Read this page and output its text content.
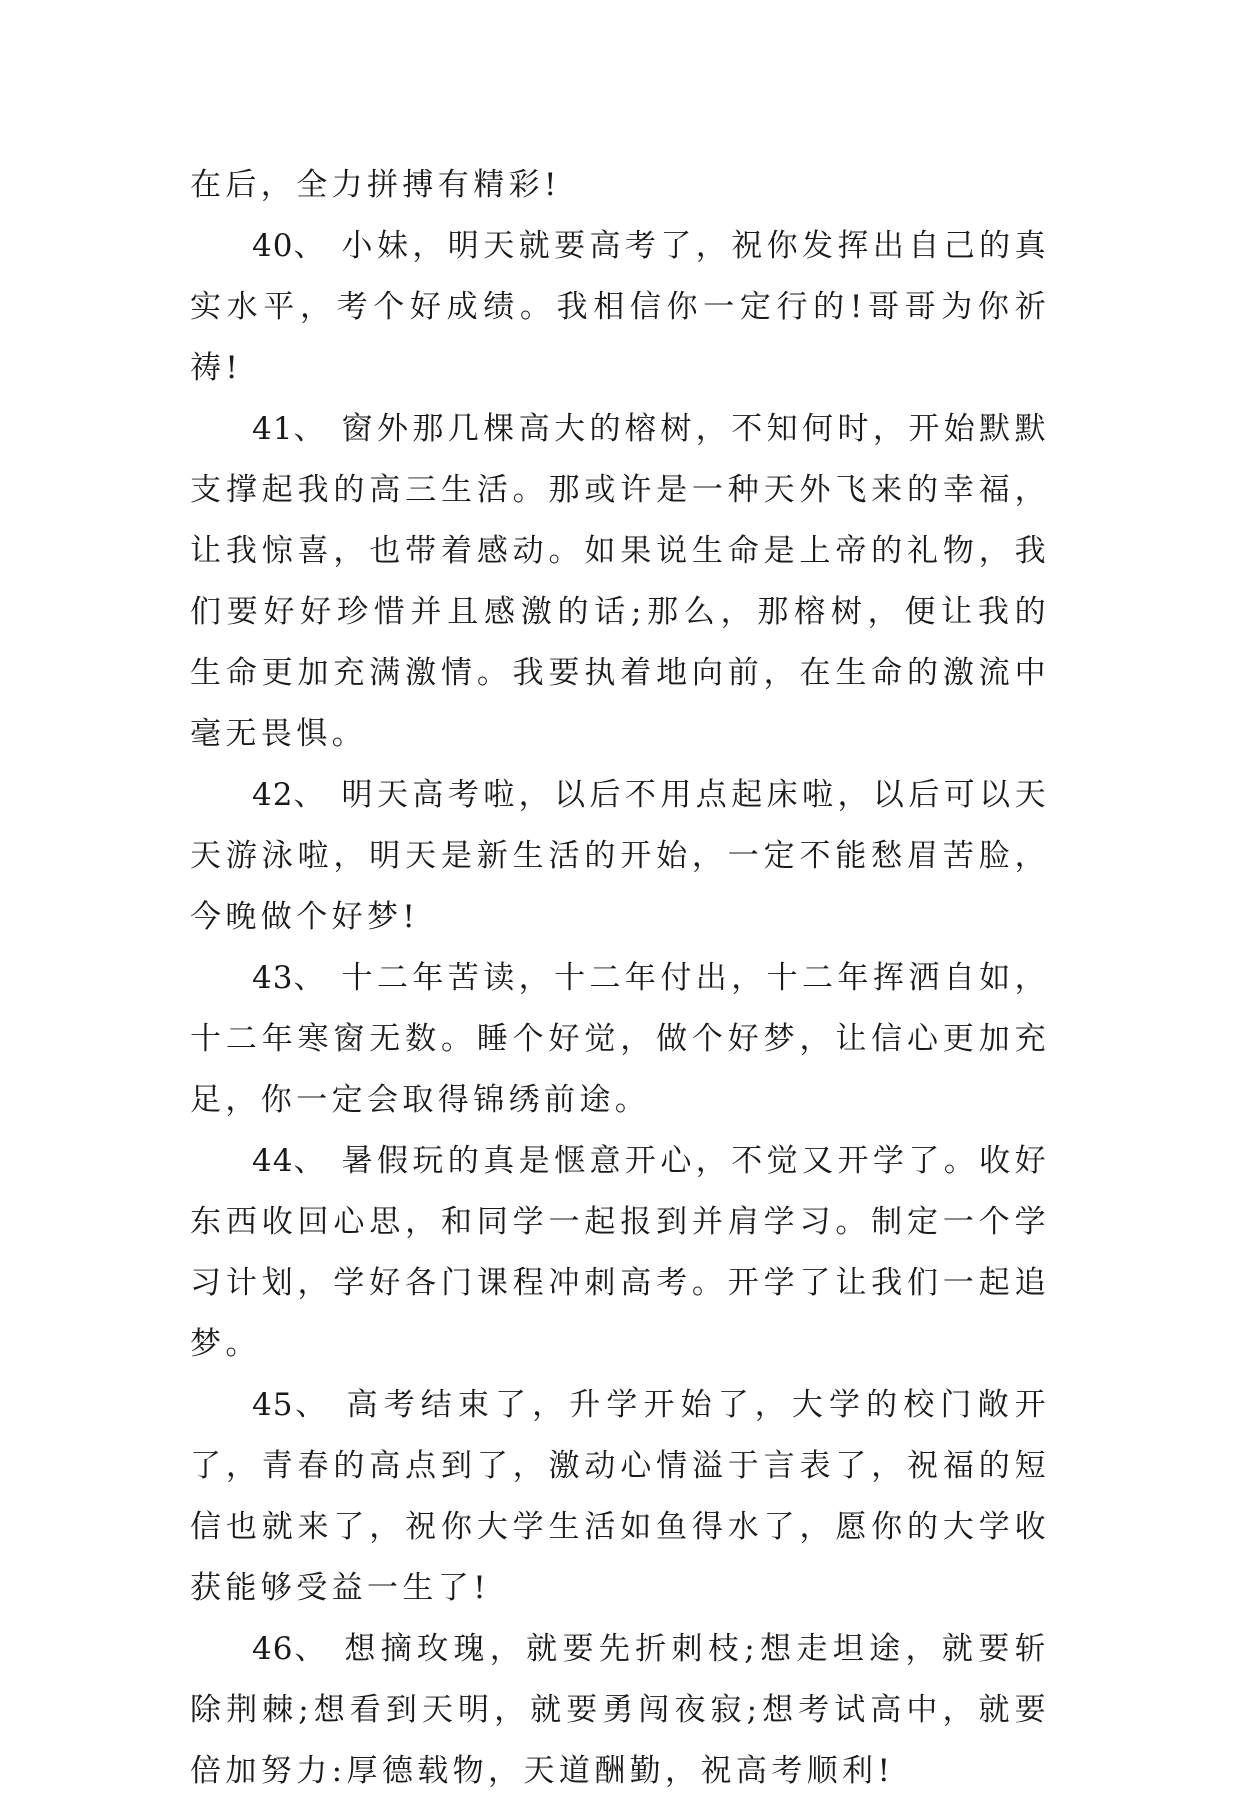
在后，全力拼搏有精彩!

40、 小妹，明天就要高考了，祝你发挥出自己的真实水平，考个好成绩。我相信你一定行的!哥哥为你祈祷!

41、 窗外那几棵高大的榕树，不知何时，开始默默支撑起我的高三生活。那或许是一种天外飞来的幸福，让我惊喜，也带着感动。如果说生命是上帝的礼物，我们要好好珍惜并且感激的话;那么，那榕树，便让我的生命更加充满激情。我要执着地向前，在生命的激流中毫无畏惧。

42、 明天高考啦，以后不用点起床啦，以后可以天天游泳啦，明天是新生活的开始，一定不能愁眉苦脸，今晚做个好梦!

43、 十二年苦读，十二年付出，十二年挥洒自如，十二年寒窗无数。睡个好觉，做个好梦，让信心更加充足，你一定会取得锦绣前途。

44、 暑假玩的真是惬意开心，不觉又开学了。收好东西收回心思，和同学一起报到并肩学习。制定一个学习计划，学好各门课程冲刺高考。开学了让我们一起追梦。

45、 高考结束了，升学开始了，大学的校门敞开了，青春的高点到了，激动心情溢于言表了，祝福的短信也就来了，祝你大学生活如鱼得水了，愿你的大学收获能够受益一生了!

46、 想摘玫瑰，就要先折刺枝;想走坦途，就要斩除荆棘;想看到天明，就要勇闯夜寂;想考试高中，就要倍加努力:厚德载物，天道酬勤，祝高考顺利!
